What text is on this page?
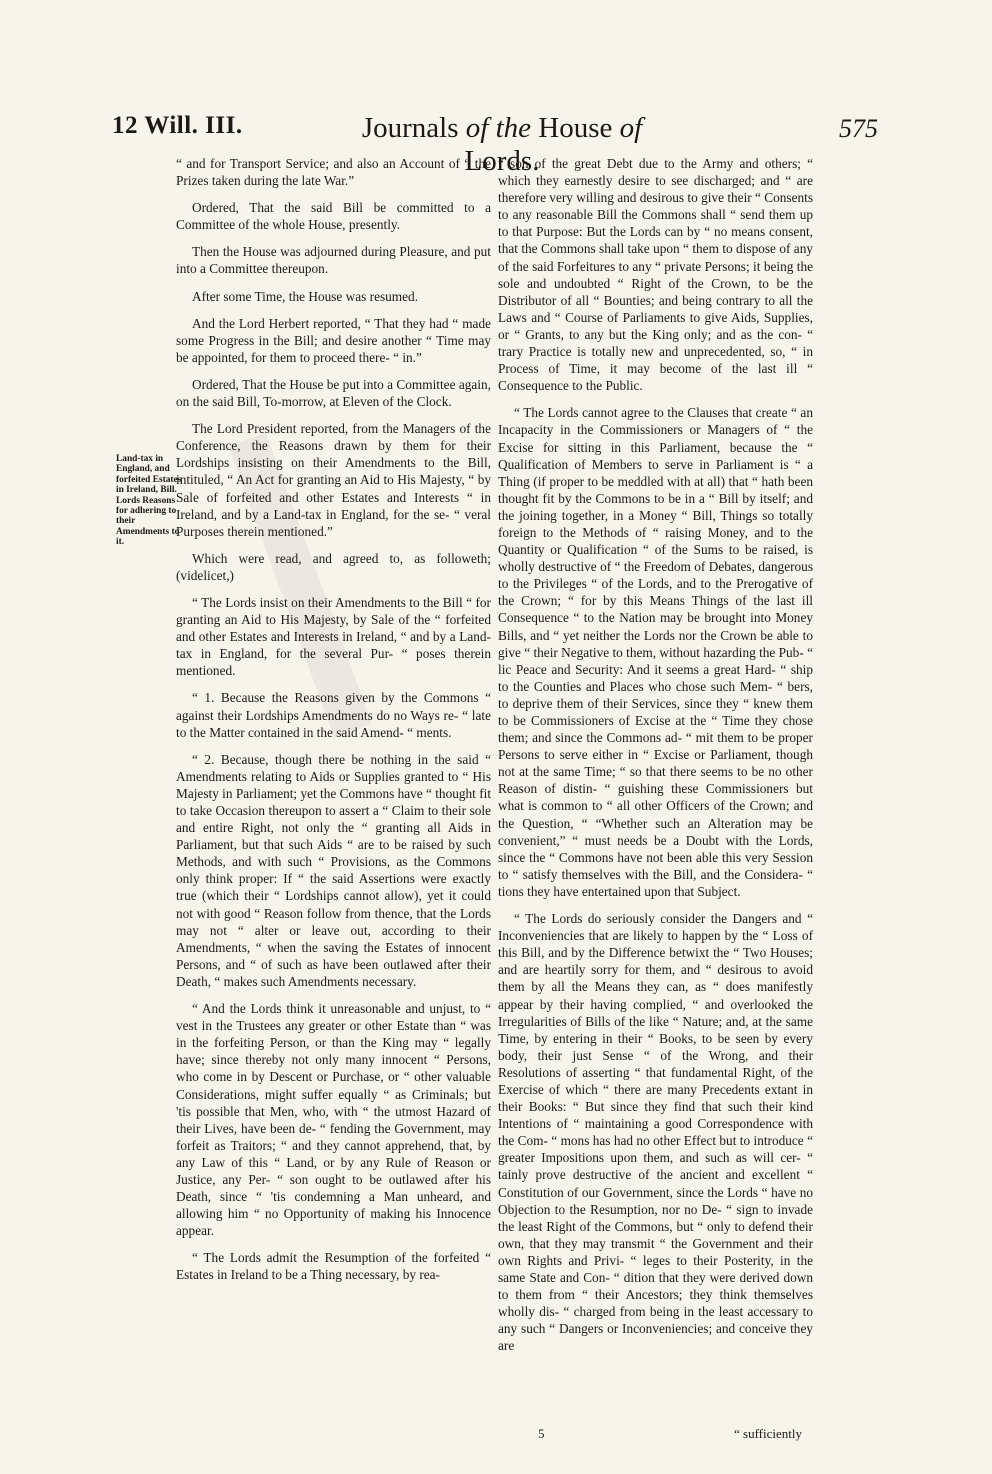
12 Will. III.	Journals of the House of Lords.
575
Land-tax in England, and forfeited Estates in Ireland, Bill. Lords Reasons for adhering to their Amendments to it.

“ and for Transport Service; and also an Account of “ the Prizes taken during the late War.”

Ordered, That the said Bill be committed to a Committee of the whole House, presently.

Then the House was adjourned during Pleasure, and put into a Committee thereupon.

After some Time, the House was resumed.

And the Lord Herbert reported, “ That they had “ made some Progress in the Bill; and desire another “ Time may be appointed, for them to proceed there- “ in.”

Ordered, That the House be put into a Committee again, on the said Bill, To-morrow, at Eleven of the Clock.

The Lord President reported, from the Managers of the Conference, the Reasons drawn by them for their Lordships insisting on their Amendments to the Bill, intituled, “ An Act for granting an Aid to His Majesty, “ by Sale of forfeited and other Estates and Interests “ in Ireland, and by a Land-tax in England, for the se- “ veral Purposes therein mentioned.”

Which were read, and agreed to, as followeth; (videlicet,)

“ The Lords insist on their Amendments to the Bill “ for granting an Aid to His Majesty, by Sale of the “ forfeited and other Estates and Interests in Ireland, “ and by a Land-tax in England, for the several Pur- “ poses therein mentioned.

“ 1. Because the Reasons given by the Commons “ against their Lordships Amendments do no Ways re- “ late to the Matter contained in the said Amend- “ ments.

“ 2. Because, though there be nothing in the said “ Amendments relating to Aids or Supplies granted to “ His Majesty in Parliament; yet the Commons have “ thought fit to take Occasion thereupon to assert a “ Claim to their sole and entire Right, not only the “ granting all Aids in Parliament, but that such Aids “ are to be raised by such Methods, and with such “ Provisions, as the Commons only think proper: If “ the said Assertions were exactly true (which their “ Lordships cannot allow), yet it could not with good “ Reason follow from thence, that the Lords may not “ alter or leave out, according to their Amendments, “ when the saving the Estates of innocent Persons, and “ of such as have been outlawed after their Death, “ makes such Amendments necessary.

“ And the Lords think it unreasonable and unjust, to “ vest in the Trustees any greater or other Estate than “ was in the forfeiting Person, or than the King may “ legally have; since thereby not only many innocent “ Persons, who come in by Descent or Purchase, or “ other valuable Considerations, might suffer equally “ as Criminals; but 'tis possible that Men, who, with “ the utmost Hazard of their Lives, have been de- “ fending the Government, may forfeit as Traitors; “ and they cannot apprehend, that, by any Law of this “ Land, or by any Rule of Reason or Justice, any Per- “ son ought to be outlawed after his Death, since “ 'tis condemning a Man unheard, and allowing him “ no Opportunity of making his Innocence appear.

“ The Lords admit the Resumption of the forfeited “ Estates in Ireland to be a Thing necessary, by rea-

“ son of the great Debt due to the Army and others; “ which they earnestly desire to see discharged; and “ are therefore very willing and desirous to give their “ Consents to any reasonable Bill the Commons shall “ send them up to that Purpose: But the Lords can by “ no means consent, that the Commons shall take upon “ them to dispose of any of the said Forfeitures to any “ private Persons; it being the sole and undoubted “ Right of the Crown, to be the Distributor of all “ Bounties; and being contrary to all the Laws and “ Course of Parliaments to give Aids, Supplies, or “ Grants, to any but the King only; and as the con- “ trary Practice is totally new and unprecedented, so, “ in Process of Time, it may become of the last ill “ Consequence to the Public.

“ The Lords cannot agree to the Clauses that create “ an Incapacity in the Commissioners or Managers of “ the Excise for sitting in this Parliament, because the “ Qualification of Members to serve in Parliament is “ a Thing (if proper to be meddled with at all) that “ hath been thought fit by the Commons to be in a “ Bill by itself; and the joining together, in a Money “ Bill, Things so totally foreign to the Methods of “ raising Money, and to the Quantity or Qualification “ of the Sums to be raised, is wholly destructive of “ the Freedom of Debates, dangerous to the Privileges “ of the Lords, and to the Prerogative of the Crown; “ for by this Means Things of the last ill Consequence “ to the Nation may be brought into Money Bills, and “ yet neither the Lords nor the Crown be able to give “ their Negative to them, without hazarding the Pub- “ lic Peace and Security: And it seems a great Hard- “ ship to the Counties and Places who chose such Mem- “ bers, to deprive them of their Services, since they “ knew them to be Commissioners of Excise at the “ Time they chose them; and since the Commons ad- “ mit them to be proper Persons to serve either in “ Excise or Parliament, though not at the same Time; “ so that there seems to be no other Reason of distin- “ guishing these Commissioners but what is common to “ all other Officers of the Crown; and the Question, “ “Whether such an Alteration may be convenient,” “ must needs be a Doubt with the Lords, since the “ Commons have not been able this very Session to “ satisfy themselves with the Bill, and the Considera- “ tions they have entertained upon that Subject.

“ The Lords do seriously consider the Dangers and “ Inconveniencies that are likely to happen by the “ Loss of this Bill, and by the Difference betwixt the “ Two Houses; and are heartily sorry for them, and “ desirous to avoid them by all the Means they can, as “ does manifestly appear by their having complied, “ and overlooked the Irregularities of Bills of the like “ Nature; and, at the same Time, by entering in their “ Books, to be seen by every body, their just Sense “ of the Wrong, and their Resolutions of asserting “ that fundamental Right, of the Exercise of which “ there are many Precedents extant in their Books: “ But since they find that such their kind Intentions of “ maintaining a good Correspondence with the Com- “ mons has had no other Effect but to introduce “ greater Impositions upon them, and such as will cer- “ tainly prove destructive of the ancient and excellent “ Constitution of our Government, since the Lords “ have no Objection to the Resumption, nor no De- “ sign to invade the least Right of the Commons, but “ only to defend their own, that they may transmit “ the Government and their own Rights and Privi- “ leges to their Posterity, in the same State and Con- “ dition that they were derived down to them from “ their Ancestors; they think themselves wholly dis- “ charged from being in the least accessary to any such “ Dangers or Inconveniencies; and conceive they are

5	“ sufficiently
